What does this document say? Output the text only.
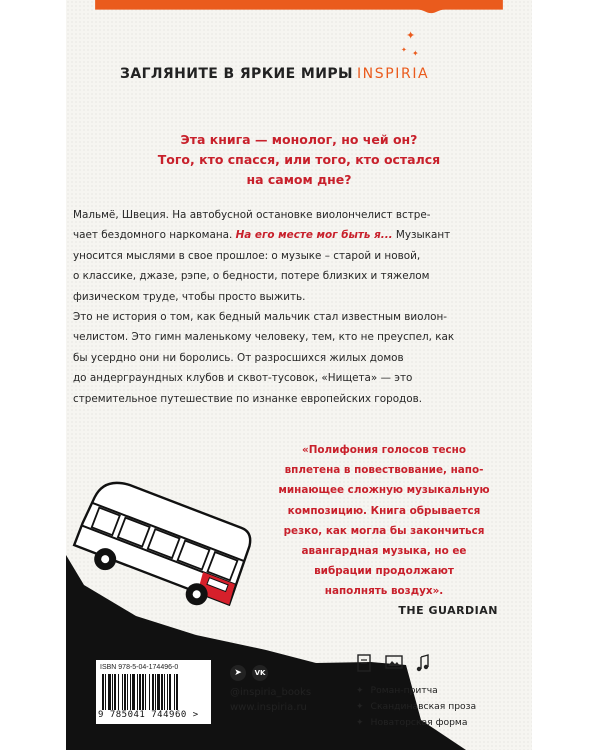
✦
✦ ✦
ЗАГЛЯНИТЕ В ЯРКИЕ МИРЫ INSPIRIA
Эта книга — монолог, но чей он?
Того, кто спасся, или того, кто остался
на самом дне?
Мальмё, Швеция. На автобусной остановке виолончелист встре-
чает бездомного наркомана. На его месте мог быть я... Музыкант
уносится мыслями в свое прошлое: о музыке – старой и новой,
о классике, джазе, рэпе, о бедности, потере близких и тяжелом
физическом труде, чтобы просто выжить.
Это не история о том, как бедный мальчик стал известным виолон-
челистом. Это гимн маленькому человеку, тем, кто не преуспел, как
бы усердно они ни боролись. От разросшихся жилых домов
до андерграундных клубов и сквот-тусовок, «Нищета» — это
стремительное путешествие по изнанке европейских городов.
«Полифония голосов тесно
вплетена в повествование, напо-
минающее сложную музыкальную
композицию. Книга обрывается
резко, как могла бы закончиться
авангардная музыка, но ее
вибрации продолжают
наполнять воздух».
THE GUARDIAN
ISBN 978-5-04-174496-0
9 785041 744960 >
➤	VK
@inspiria_books
www.inspiria.ru
✦ Роман-притча
✦ Скандинавская проза
✦ Новаторская форма
